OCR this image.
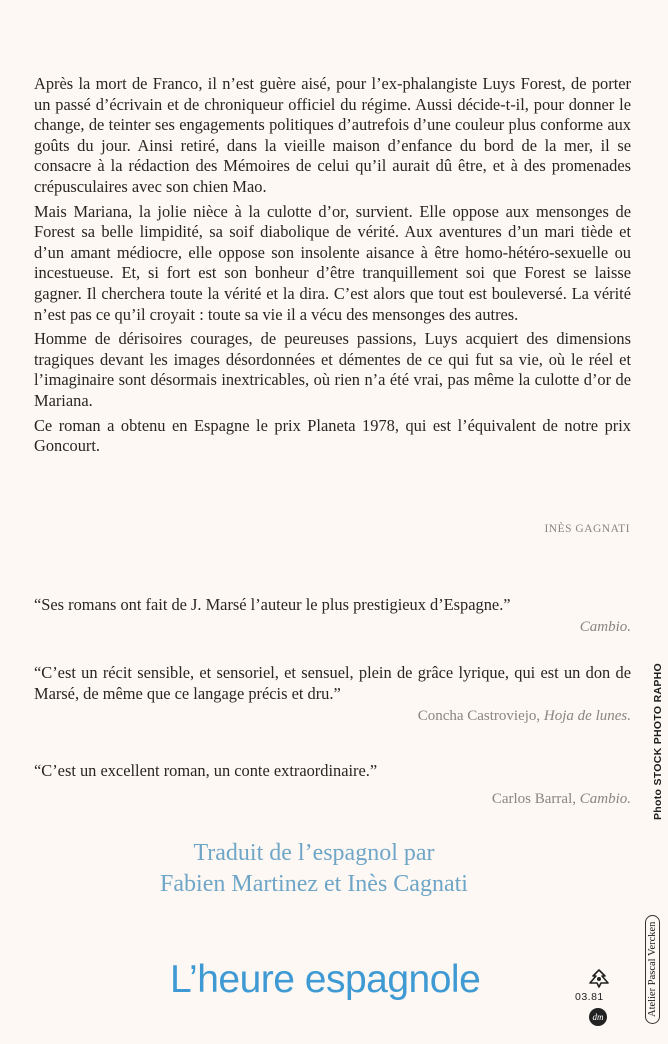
Après la mort de Franco, il n’est guère aisé, pour l’ex-phalangiste Luys Forest, de porter un passé d’écrivain et de chroniqueur officiel du régime. Aussi décide-t-il, pour donner le change, de teinter ses engagements politiques d’autrefois d’une couleur plus conforme aux goûts du jour. Ainsi retiré, dans la vieille maison d’enfance du bord de la mer, il se consacre à la rédaction des Mémoires de celui qu’il aurait dû être, et à des promenades crépusculaires avec son chien Mao.

Mais Mariana, la jolie nièce à la culotte d’or, survient. Elle oppose aux mensonges de Forest sa belle limpidité, sa soif diabolique de vérité. Aux aventures d’un mari tiède et d’un amant médiocre, elle oppose son insolente aisance à être homo-hétéro-sexuelle ou incestueuse. Et, si fort est son bonheur d’être tranquillement soi que Forest se laisse gagner. Il cherchera toute la vérité et la dira. C’est alors que tout est bouleversé. La vérité n’est pas ce qu’il croyait : toute sa vie il a vécu des mensonges des autres.

Homme de dérisoires courages, de peureuses passions, Luys acquiert des dimensions tragiques devant les images désordonnées et démentes de ce qui fut sa vie, où le réel et l’imaginaire sont désormais inextricables, où rien n’a été vrai, pas même la culotte d’or de Mariana.

Ce roman a obtenu en Espagne le prix Planeta 1978, qui est l’équivalent de notre prix Goncourt.

INÈS GAGNATI

“Ses romans ont fait de J. Marsé l’auteur le plus prestigieux d’Espagne.”

Cambio.

“C’est un récit sensible, et sensoriel, et sensuel, plein de grâce lyrique, qui est un don de Marsé, de même que ce langage précis et dru.”

Concha Castroviejo, Hoja de lunes.

“C’est un excellent roman, un conte extraordinaire.”

Carlos Barral, Cambio.
Traduit de l’espagnol par
Fabien Martinez et Inès Cagnati
L’heure espagnole	03.81
dm
Photo STOCK PHOTO RAPHO
Atelier Pascal Vercken
